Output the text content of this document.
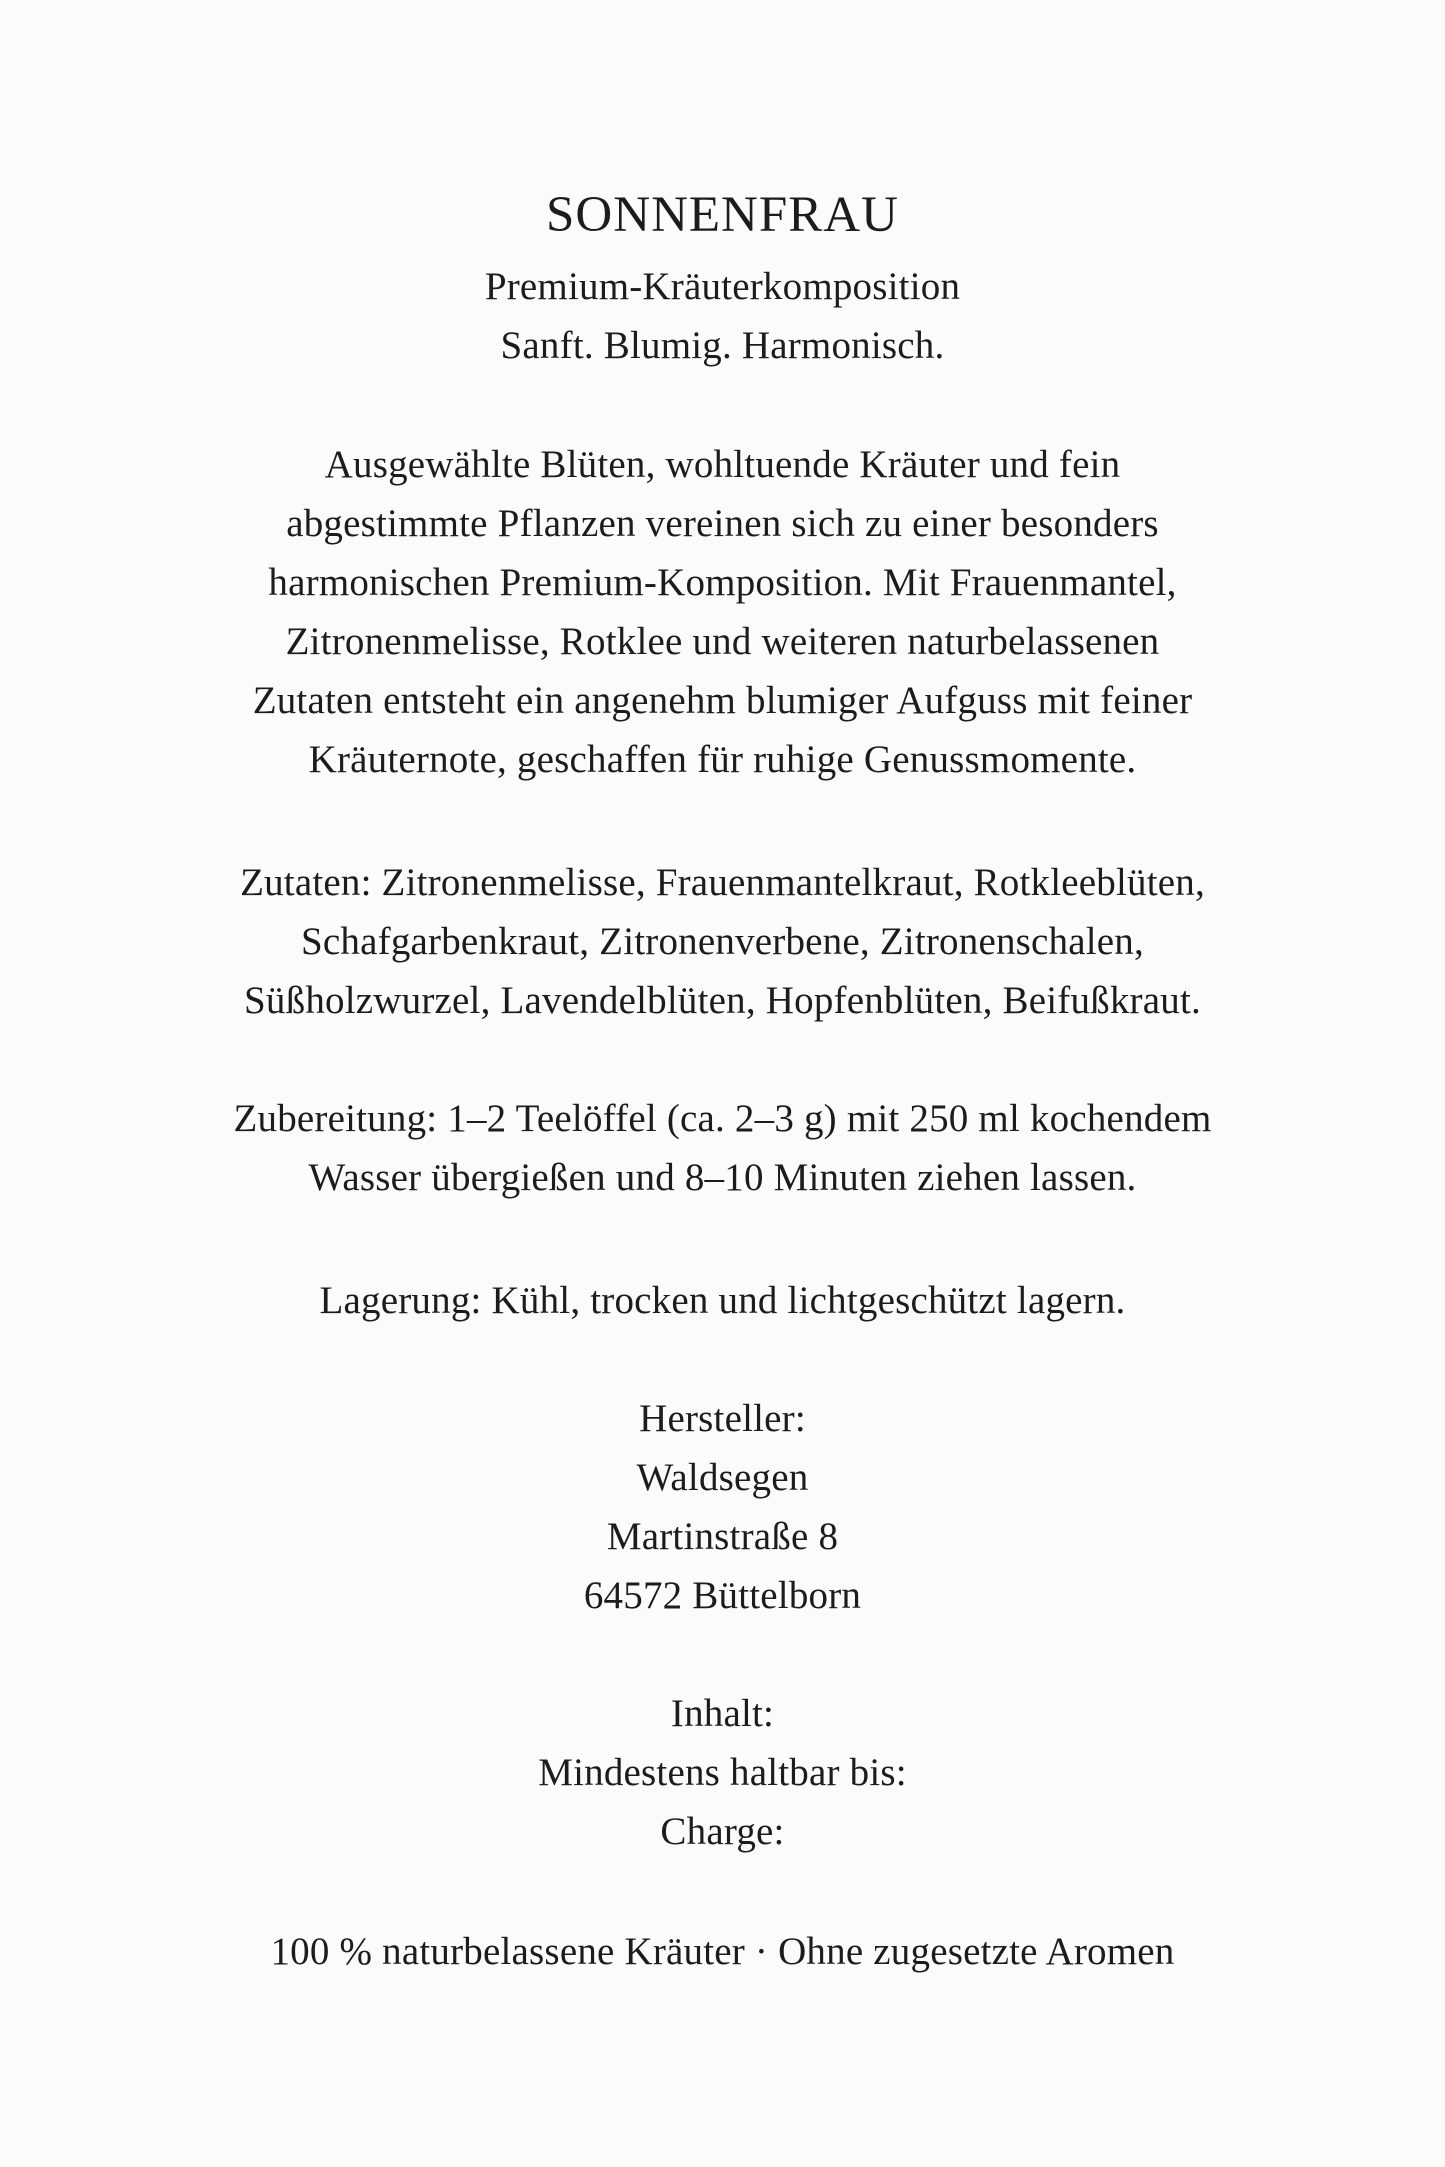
SONNENFRAU
Premium-Kräuterkomposition
Sanft. Blumig. Harmonisch.
Ausgewählte Blüten, wohltuende Kräuter und fein
abgestimmte Pflanzen vereinen sich zu einer besonders
harmonischen Premium-Komposition. Mit Frauenmantel,
Zitronenmelisse, Rotklee und weiteren naturbelassenen
Zutaten entsteht ein angenehm blumiger Aufguss mit feiner
Kräuternote, geschaffen für ruhige Genussmomente.
Zutaten: Zitronenmelisse, Frauenmantelkraut, Rotkleeblüten,
Schafgarbenkraut, Zitronenverbene, Zitronenschalen,
Süßholzwurzel, Lavendelblüten, Hopfenblüten, Beifußkraut.
Zubereitung: 1–2 Teelöffel (ca. 2–3 g) mit 250 ml kochendem
Wasser übergießen und 8–10 Minuten ziehen lassen.
Lagerung: Kühl, trocken und lichtgeschützt lagern.
Hersteller:
Waldsegen
Martinstraße 8
64572 Büttelborn
Inhalt:
Mindestens haltbar bis:
Charge:
100 % naturbelassene Kräuter · Ohne zugesetzte Aromen
